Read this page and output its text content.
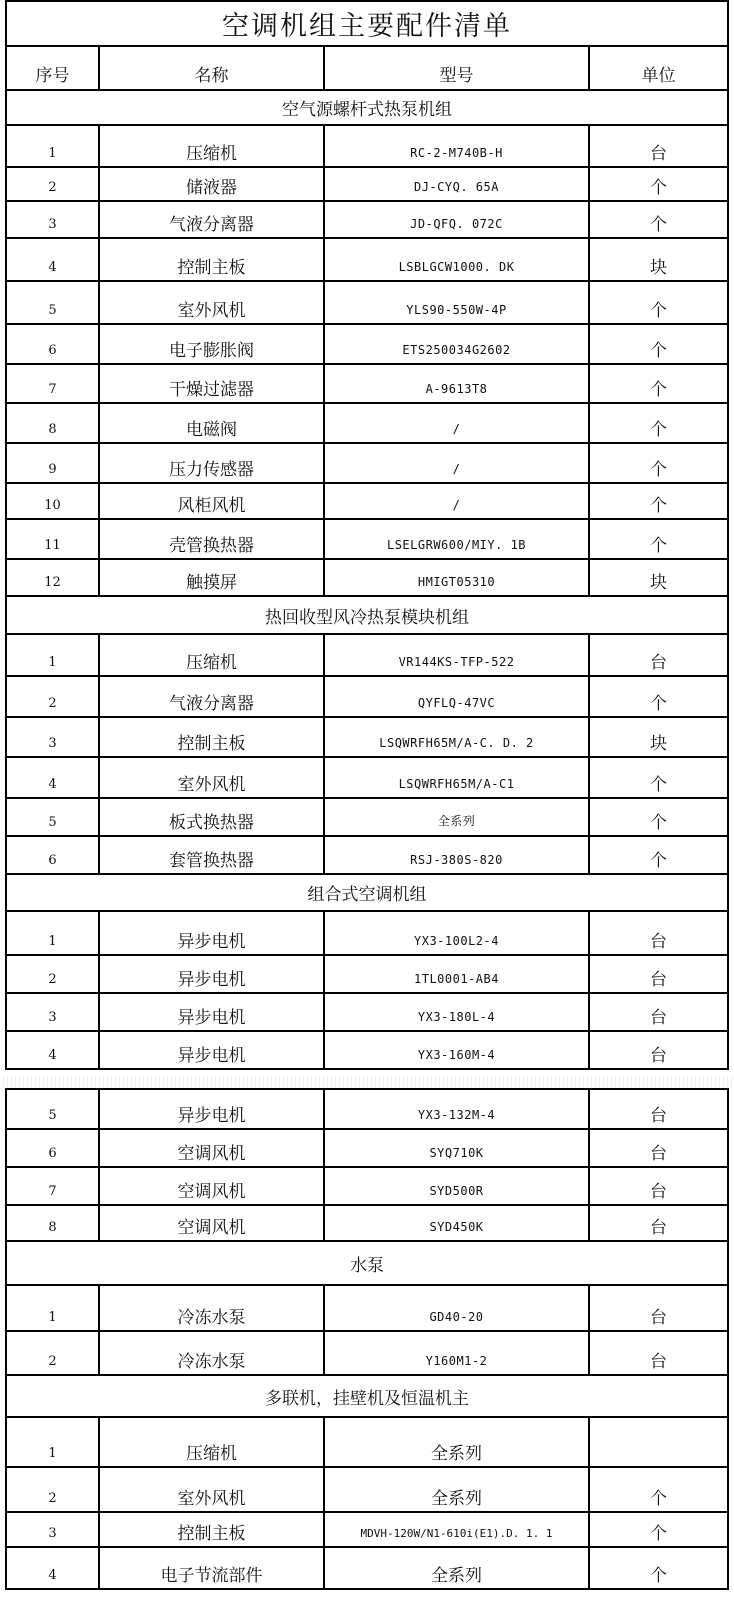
空调机组主要配件清单			
序号	名称	型号	单位
空气源螺杆式热泵机组			
1	压缩机	RC-2-M740B-H	台
2	储液器	DJ-CYQ. 65A	个
3	气液分离器	JD-QFQ. 072C	个
4	控制主板	LSBLGCW1000. DK	块
5	室外风机	YLS90-550W-4P	个
6	电子膨胀阀	ETS250034G2602	个
7	干燥过滤器	A-9613T8	个
8	电磁阀	/	个
9	压力传感器	/	个
10	风柜风机	/	个
11	壳管换热器	LSELGRW600/MIY. 1B	个
12	触摸屏	HMIGT05310	块
热回收型风冷热泵模块机组			
1	压缩机	VR144KS-TFP-522	台
2	气液分离器	QYFLQ-47VC	个
3	控制主板	LSQWRFH65M/A-C. D. 2	块
4	室外风机	LSQWRFH65M/A-C1	个
5	板式换热器	全系列	个
6	套管换热器	RSJ-380S-820	个
组合式空调机组			
1	异步电机	YX3-100L2-4	台
2	异步电机	1TL0001-AB4	台
3	异步电机	YX3-180L-4	台
4	异步电机	YX3-160M-4	台
5	异步电机	YX3-132M-4	台
6	空调风机	SYQ710K	台
7	空调风机	SYD500R	台
8	空调风机	SYD450K	台
水泵			
1	冷冻水泵	GD40-20	台
2	冷冻水泵	Y160M1-2	台
多联机，挂壁机及恒温机主			
1	压缩机	全系列	
2	室外风机	全系列	个
3	控制主板	MDVH-120W/N1-610i(E1).D. 1. 1	个
4	电子节流部件	全系列	个
